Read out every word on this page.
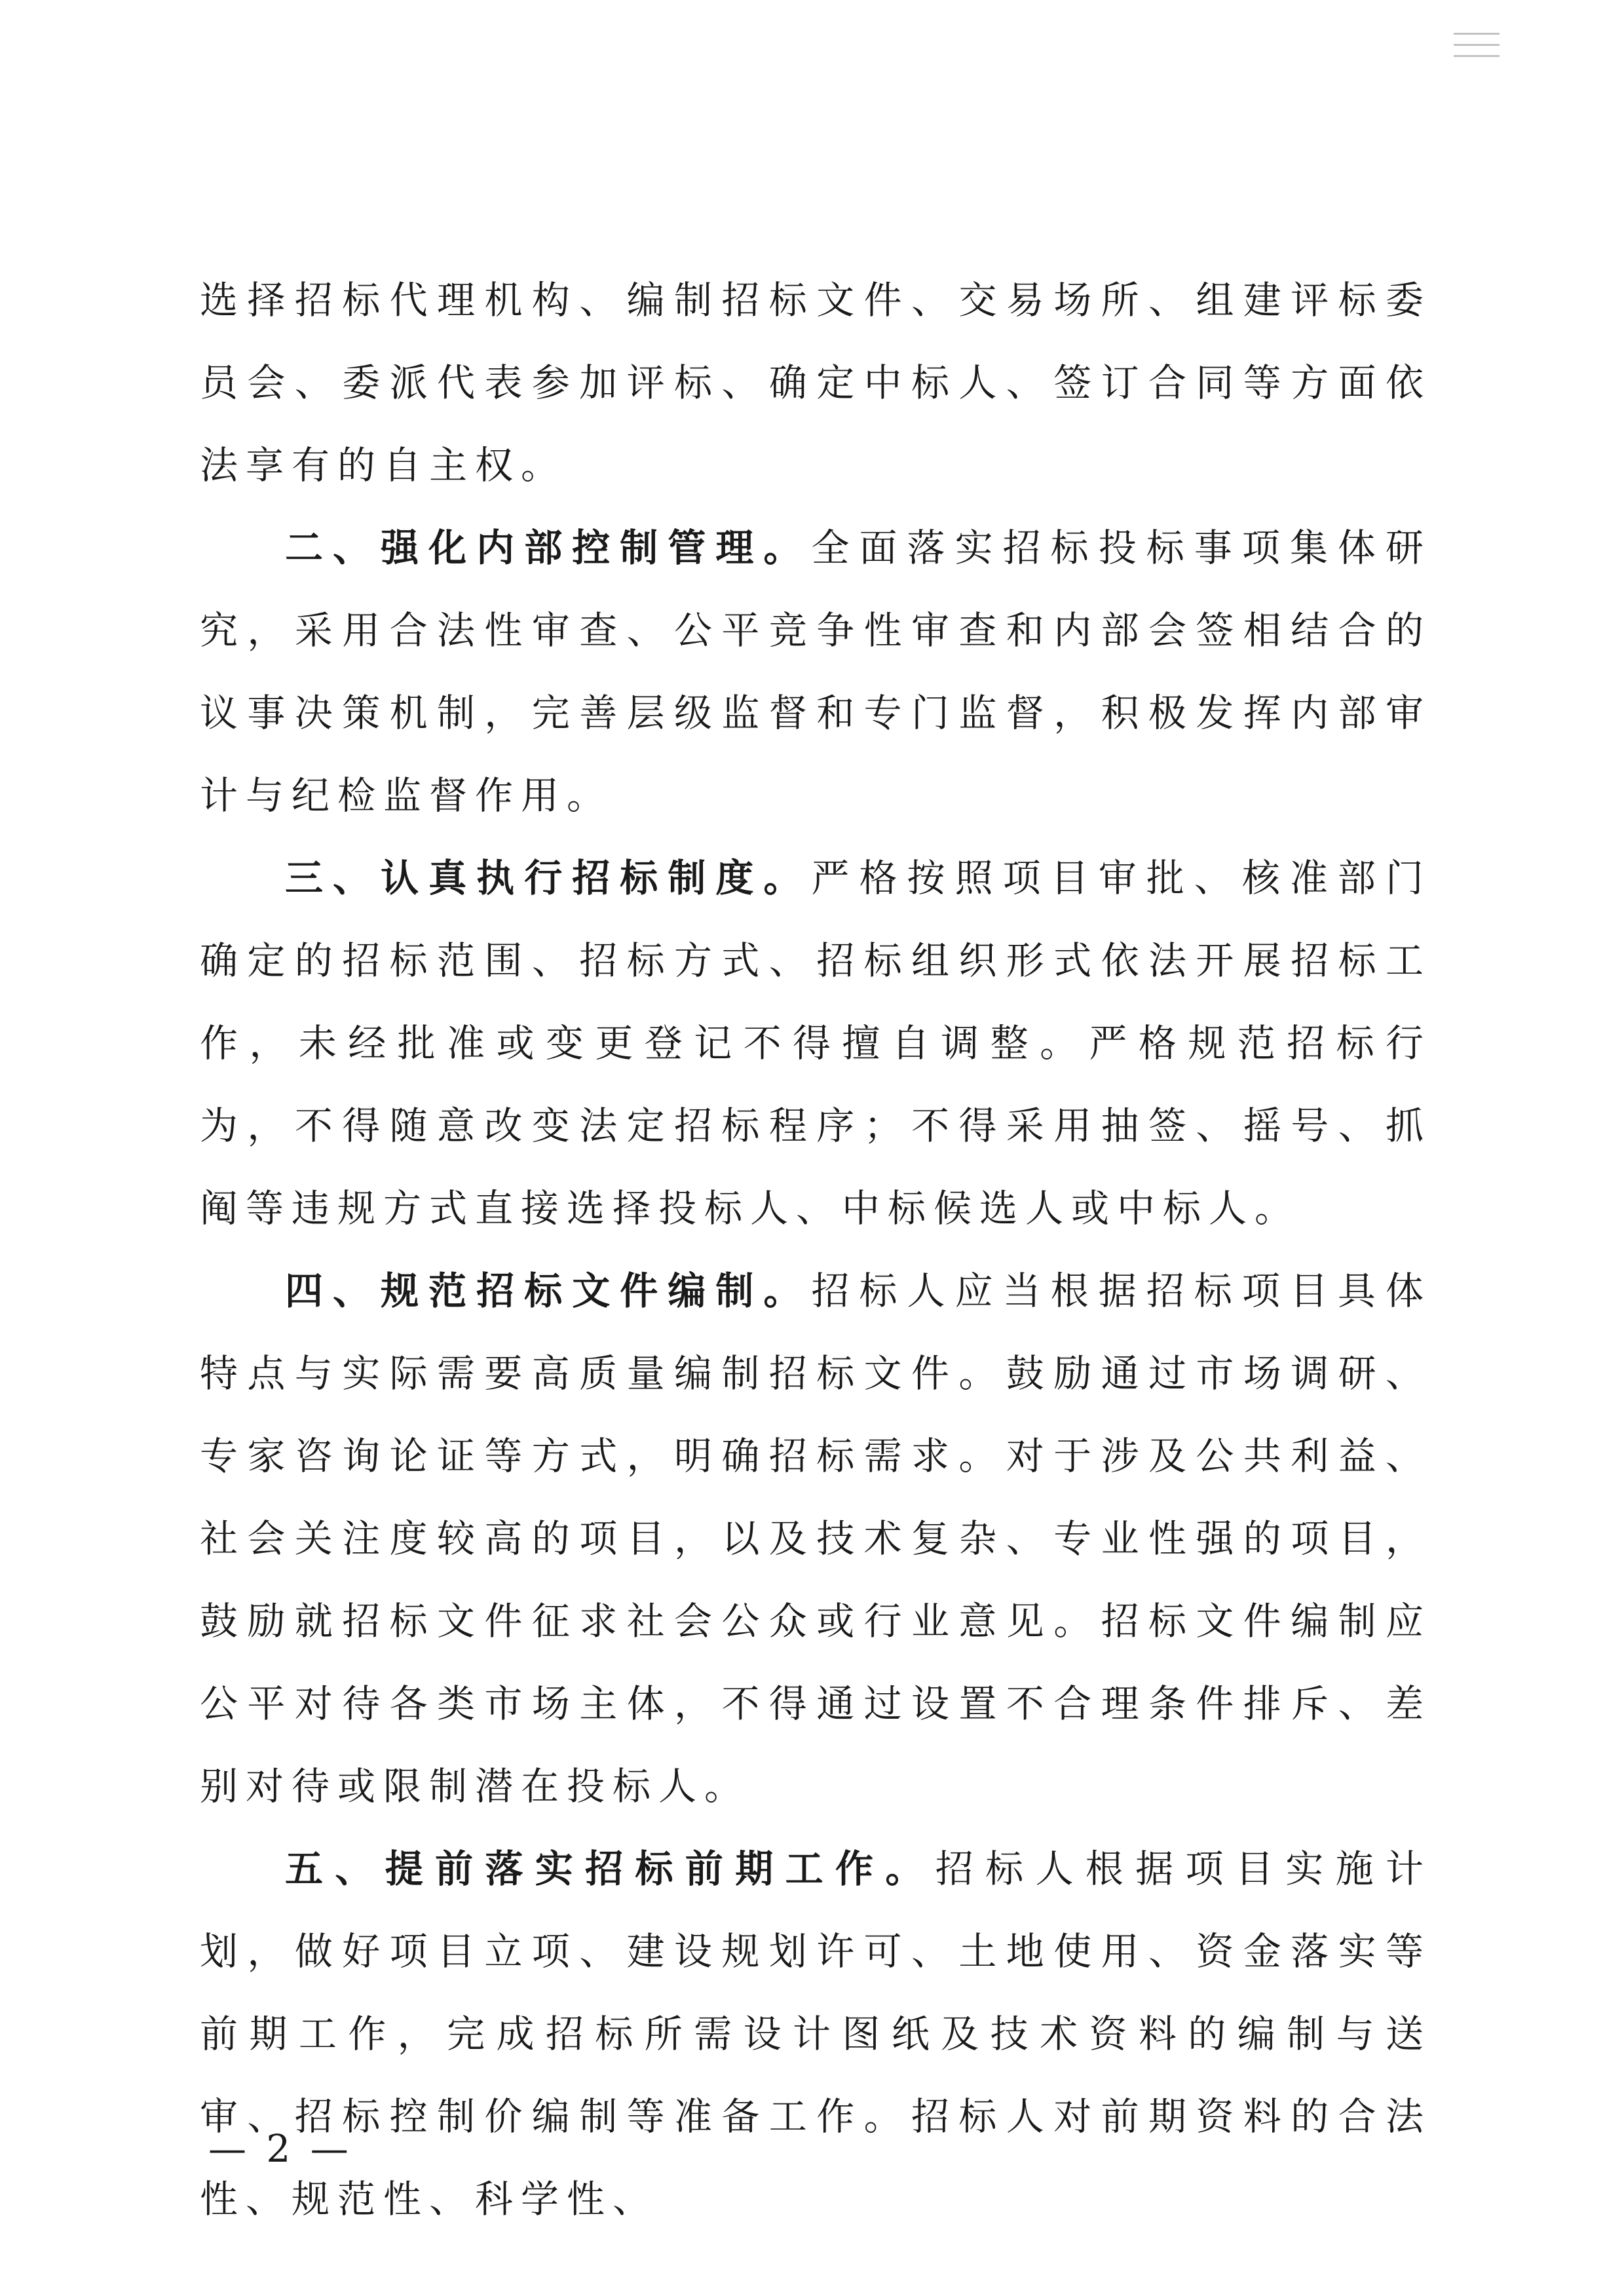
选择招标代理机构、编制招标文件、交易场所、组建评标委员会、委派代表参加评标、确定中标人、签订合同等方面依法享有的自主权。

二、强化内部控制管理。全面落实招标投标事项集体研究，采用合法性审查、公平竞争性审查和内部会签相结合的议事决策机制，完善层级监督和专门监督，积极发挥内部审计与纪检监督作用。

三、认真执行招标制度。严格按照项目审批、核准部门确定的招标范围、招标方式、招标组织形式依法开展招标工作，未经批准或变更登记不得擅自调整。严格规范招标行为，不得随意改变法定招标程序；不得采用抽签、摇号、抓阄等违规方式直接选择投标人、中标候选人或中标人。

四、规范招标文件编制。招标人应当根据招标项目具体特点与实际需要高质量编制招标文件。鼓励通过市场调研、专家咨询论证等方式，明确招标需求。对于涉及公共利益、社会关注度较高的项目，以及技术复杂、专业性强的项目，鼓励就招标文件征求社会公众或行业意见。招标文件编制应公平对待各类市场主体，不得通过设置不合理条件排斥、差别对待或限制潜在投标人。

五、提前落实招标前期工作。招标人根据项目实施计划，做好项目立项、建设规划许可、土地使用、资金落实等前期工作，完成招标所需设计图纸及技术资料的编制与送审、招标控制价编制等准备工作。招标人对前期资料的合法性、规范性、科学性、

— 2 —
